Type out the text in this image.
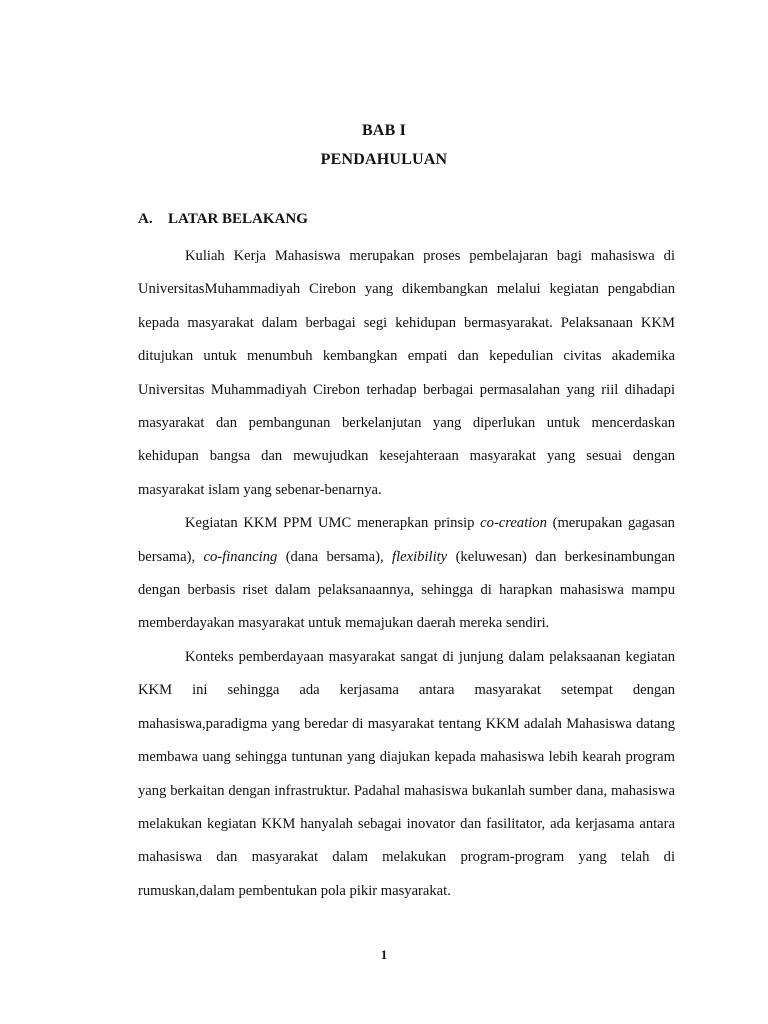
BAB I
PENDAHULUAN
A. LATAR BELAKANG

Kuliah Kerja Mahasiswa merupakan proses pembelajaran bagi mahasiswa di UniversitasMuhammadiyah Cirebon yang dikembangkan melalui kegiatan pengabdian kepada masyarakat dalam berbagai segi kehidupan bermasyarakat. Pelaksanaan KKM ditujukan untuk menumbuh kembangkan empati dan kepedulian civitas akademika Universitas Muhammadiyah Cirebon terhadap berbagai permasalahan yang riil dihadapi masyarakat dan pembangunan berkelanjutan yang diperlukan untuk mencerdaskan kehidupan bangsa dan mewujudkan kesejahteraan masyarakat yang sesuai dengan masyarakat islam yang sebenar-benarnya.

Kegiatan KKM PPM UMC menerapkan prinsip co-creation (merupakan gagasan bersama), co-financing (dana bersama), flexibility (keluwesan) dan berkesinambungan dengan berbasis riset dalam pelaksanaannya, sehingga di harapkan mahasiswa mampu memberdayakan masyarakat untuk memajukan daerah mereka sendiri.

Konteks pemberdayaan masyarakat sangat di junjung dalam pelaksaanan kegiatan KKM ini sehingga ada kerjasama antara masyarakat setempat dengan mahasiswa,paradigma yang beredar di masyarakat tentang KKM adalah Mahasiswa datang membawa uang sehingga tuntunan yang diajukan kepada mahasiswa lebih kearah program yang berkaitan dengan infrastruktur. Padahal mahasiswa bukanlah sumber dana, mahasiswa melakukan kegiatan KKM hanyalah sebagai inovator dan fasilitator, ada kerjasama antara mahasiswa dan masyarakat dalam melakukan program-program yang telah di rumuskan,dalam pembentukan pola pikir masyarakat.

1
